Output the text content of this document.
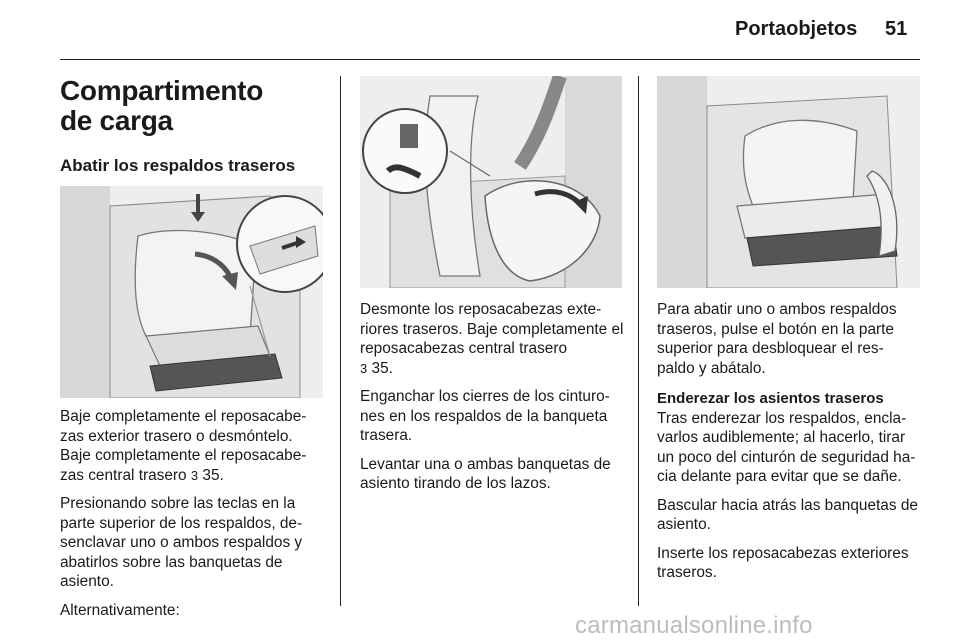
Portaobjetos 51
Compartimento de carga
Abatir los respaldos traseros

Baje completamente el reposacabe- zas exterior trasero o desmóntelo. Baje completamente el reposacabe- zas central trasero 3 35.

Presionando sobre las teclas en la parte superior de los respaldos, de- senclavar uno o ambos respaldos y abatirlos sobre las banquetas de asiento.

Alternativamente:

Desmonte los reposacabezas exte- riores traseros. Baje completamente el reposacabezas central trasero
3 35.

Enganchar los cierres de los cinturo- nes en los respaldos de la banqueta trasera.

Levantar una o ambas banquetas de asiento tirando de los lazos.

Para abatir uno o ambos respaldos traseros, pulse el botón en la parte superior para desbloquear el res- paldo y abátalo.

Enderezar los asientos traseros

Tras enderezar los respaldos, encla- varlos audiblemente; al hacerlo, tirar un poco del cinturón de seguridad ha- cia delante para evitar que se dañe.

Bascular hacia atrás las banquetas de asiento.

Inserte los reposacabezas exteriores traseros.

carmanualsonline.info
